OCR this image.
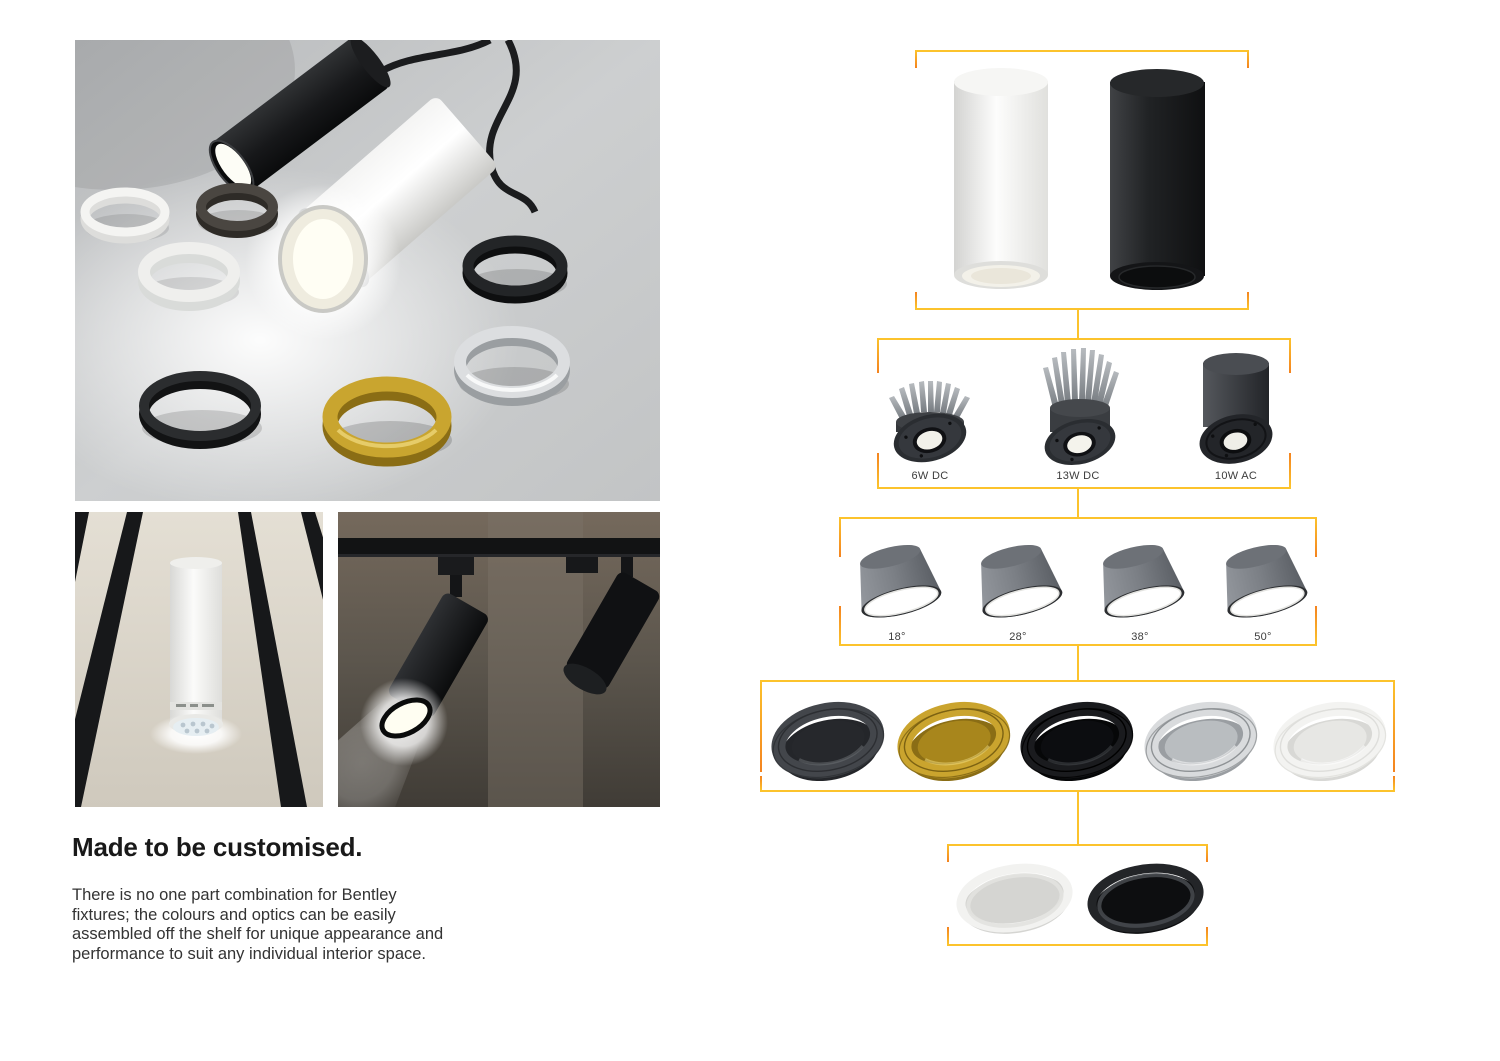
Made to be customised.
There is no one part combination for Bentley
fixtures; the colours and optics can be easily
assembled off the shelf for unique appearance and
performance to suit any individual interior space.
6W DC	13W DC	10W AC
18°	28°	38°	50°
